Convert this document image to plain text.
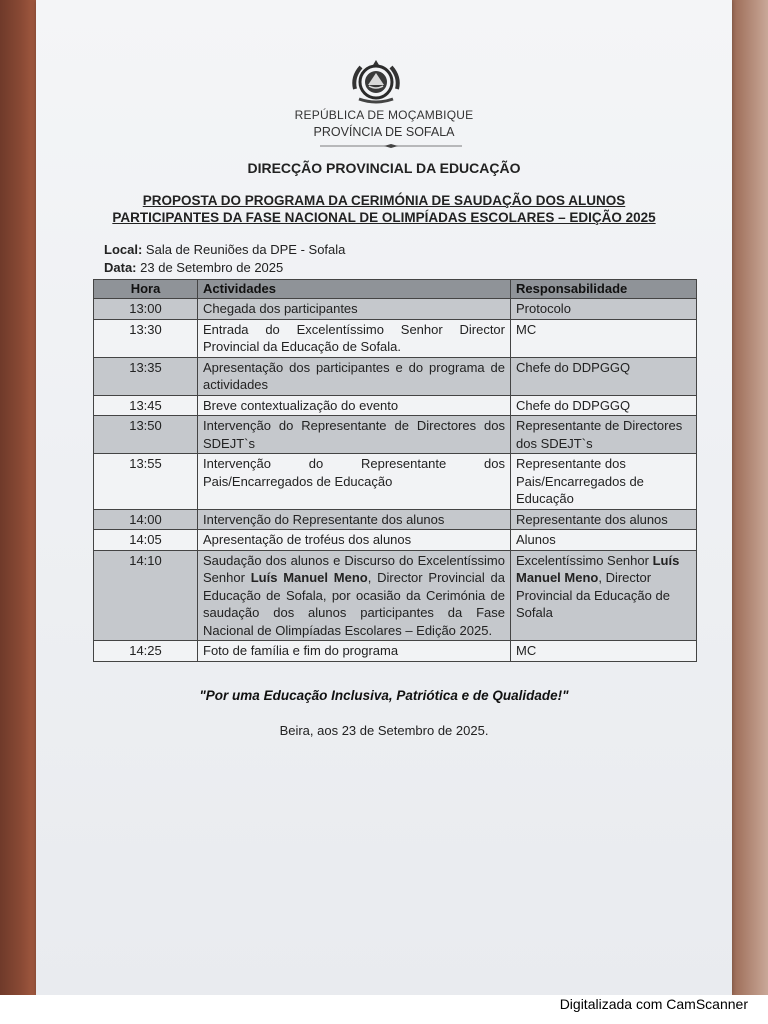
REPÚBLICA DE MOÇAMBIQUE
PROVÍNCIA DE SOFALA
DIRECÇÃO PROVINCIAL DA EDUCAÇÃO
PROPOSTA DO PROGRAMA DA CERIMÓNIA DE SAUDAÇÃO DOS ALUNOS
PARTICIPANTES DA FASE NACIONAL DE OLIMPÍADAS ESCOLARES – EDIÇÃO 2025
Local: Sala de Reuniões da DPE - Sofala
Data: 23 de Setembro de 2025
Hora	Actividades	Responsabilidade
13:00	Chegada dos participantes	Protocolo
13:30	Entrada do Excelentíssimo Senhor Director Provincial da Educação de Sofala.	MC
13:35	Apresentação dos participantes e do programa de actividades	Chefe do DDPGGQ
13:45	Breve contextualização do evento	Chefe do DDPGGQ
13:50	Intervenção do Representante de Directores dos SDEJT`s	Representante de Directores dos SDEJT`s
13:55	Intervenção do Representante dos Pais/Encarregados de Educação	Representante dos Pais/Encarregados de Educação
14:00	Intervenção do Representante dos alunos	Representante dos alunos
14:05	Apresentação de troféus dos alunos	Alunos
14:10	Saudação dos alunos e Discurso do Excelentíssimo Senhor Luís Manuel Meno, Director Provincial da Educação de Sofala, por ocasião da Cerimónia de saudação dos alunos participantes da Fase Nacional de Olimpíadas Escolares – Edição 2025.	Excelentíssimo Senhor Luís Manuel Meno, Director Provincial da Educação de Sofala
14:25	Foto de família e fim do programa	MC
"Por uma Educação Inclusiva, Patriótica e de Qualidade!"
Beira, aos 23 de Setembro de 2025.
Digitalizada com CamScanner
